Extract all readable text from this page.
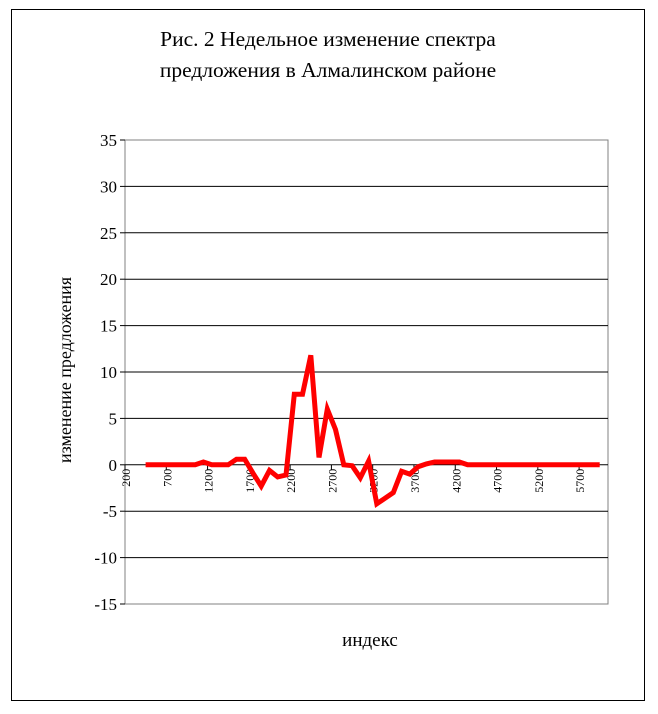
Рис. 2 Недельное изменение спектра
предложения в Алмалинском районе
-15
-10
-5
0
5
10
15
20
25
30
35
200 700 1200 1700 2200 2700 3200 3700 4200 4700 5200 5700
изменение предложения
индекс
